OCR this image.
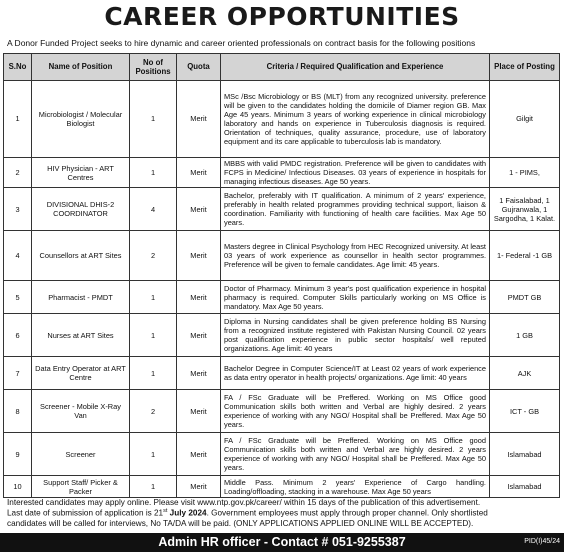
CAREER OPPORTUNITIES
A Donor Funded Project seeks to hire dynamic and career oriented professionals on contract basis for the following positions
S.No	Name of Position	No of Positions	Quota	Criteria / Required Qualification and Experience	Place of Posting
1	Microbiologist / Molecular Biologist	1	Merit	MSc /Bsc Microbiology or BS (MLT) from any recognized university. preference will be given to the candidates holding the domicile of Diamer region GB. Max Age 45 years. Minimum 3 years of working experience in clinical microbiology laboratory and hands on experience in Tuberculosis diagnosis is required. Orientation of techniques, quality assurance, procedure, use of laboratory equipment and its care applicable to tuberculosis lab is mandatory.	Gilgit
2	HIV Physician - ART Centres	1	Merit	MBBS with valid PMDC registration. Preference will be given to candidates with FCPS in Medicine/ Infectious Diseases. 03 years of experience in hospitals for managing infectious diseases. Age 50 years.	1 - PIMS,
3	DIVISIONAL DHIS-2 COORDINATOR	4	Merit	Bachelor, preferably with IT qualification. A minimum of 2 years' experience, preferably in health related programmes providing technical support, liaison & coordination. Familiarity with functioning of health care facilities. Max Age 50 years.	1 Faisalabad, 1 Gujranwala, 1 Sargodha, 1 Kalat.
4	Counsellors at ART Sites	2	Merit	Masters degree in Clinical Psychology from HEC Recognized university. At least 03 years of work experience as counsellor in health sector programmes. Preference will be given to female candidates. Age limit: 45 years.	1- Federal -1 GB
5	Pharmacist - PMDT	1	Merit	Doctor of Pharmacy. Minimum 3 year's post qualification experience in hospital pharmacy is required. Computer Skills particularly working on MS Office is mandatory. Max Age 50 years.	PMDT GB
6	Nurses at ART Sites	1	Merit	Diploma in Nursing candidates shall be given preference holding BS Nursing from a recognized institute registered with Pakistan Nursing Council. 02 years post qualification experience in public sector hospitals/ well reputed organizations. Age limit: 40 years	1 GB
7	Data Entry Operator at ART Centre	1	Merit	Bachelor Degree in Computer Science/IT at Least 02 years of work experience as data entry operator in health projects/ organizations. Age limit: 40 years	AJK
8	Screener - Mobile X-Ray Van	2	Merit	FA / FSc Graduate will be Preffered. Working on MS Office good Communication skills both written and Verbal are highly desired. 2 years experience of working with any NGO/ Hospital shall be Preffered. Max Age 50 years.	ICT - GB
9	Screener	1	Merit	FA / FSc Graduate will be Preffered. Working on MS Office good Communication skills both written and Verbal are highly desired. 2 years experience of working with any NGO/ Hospital shall be Preffered. Max Age 50 years.	Islamabad
10	Support Staff/ Picker & Packer	1	Merit	Middle Pass. Minimum 2 years' Experience of Cargo handling. Loading/offloading, stacking in a warehouse. Max Age 50 years	Islamabad
Interested candidates may apply online. Please visit www.ntp.gov.pk/career/ within 15 days of the publication of this advertisement.
Last date of submission of application is 21st July 2024. Government employees must apply through proper channel. Only shortlisted
candidates will be called for interviews, No TA/DA will be paid. (ONLY APPLICATIONS APPLIED ONLINE WILL BE ACCEPTED).
Admin HR officer - Contact # 051-9255387	PID(I)45/24
